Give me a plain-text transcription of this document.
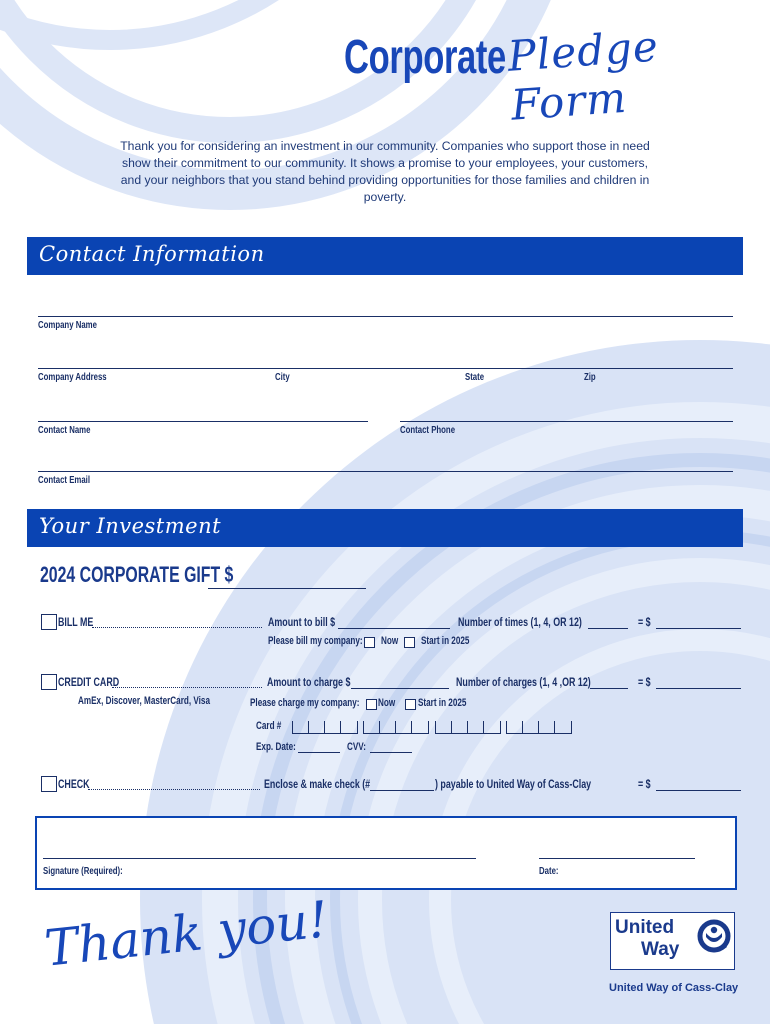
Corporate Pledge Form
Thank you for considering an investment in our community. Companies who support those in need show their commitment to our community. It shows a promise to your employees, your customers, and your neighbors that you stand behind providing opportunities for those families and children in poverty.
Contact Information
Company Name
Company Address	City	State	Zip
Contact Name	Contact Phone
Contact Email
Your Investment
2024 CORPORATE GIFT $
BILL ME	Amount to bill $	Number of times (1, 4, OR 12)	= $
Please bill my company: Now Start in 2025
CREDIT CARD
AmEx, Discover, MasterCard, Visa
Amount to charge $	Number of charges (1, 4 ,OR 12)	= $
Please charge my company: Now Start in 2025
Card #
Exp. Date:	CVV:
CHECK	Enclose & make check (#	) payable to United Way of Cass-Clay	= $
Signature (Required):	Date:
Thank you!	United
Way
United Way of Cass-Clay
